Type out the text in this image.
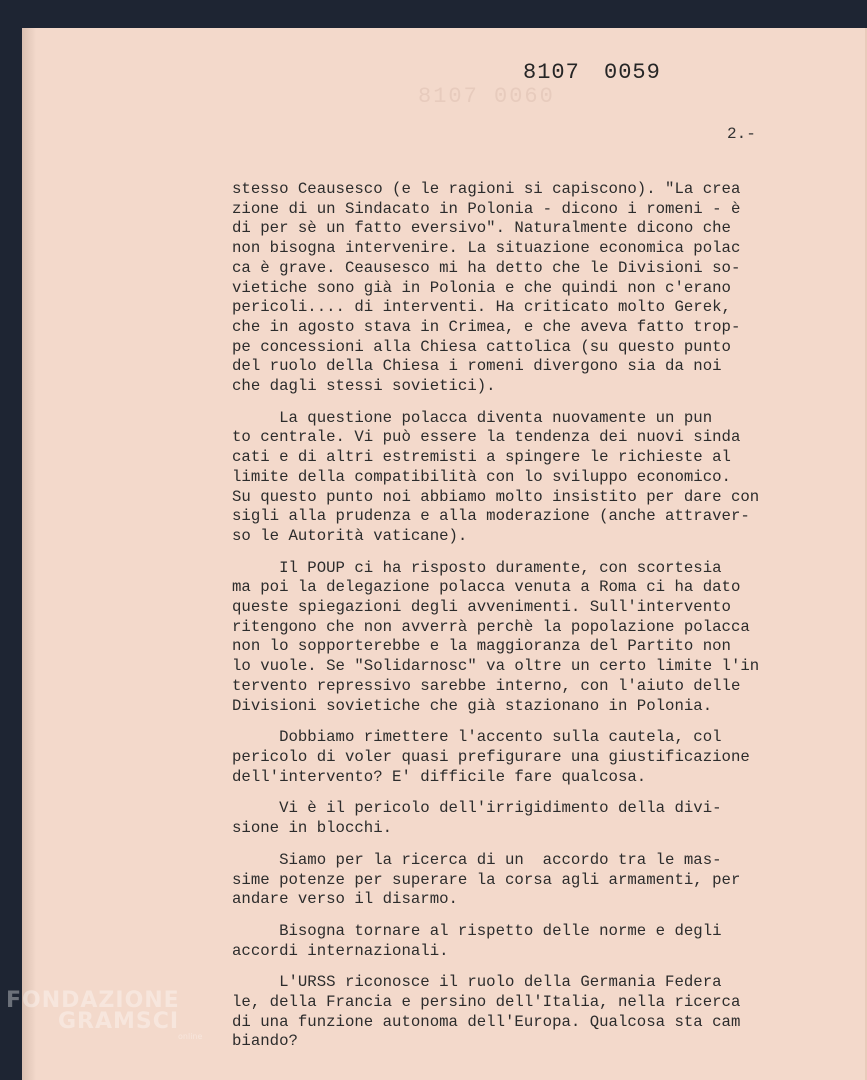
8107 0060
8107 0059
2.-
stesso Ceausesco (e le ragioni si capiscono). "La crea
zione di un Sindacato in Polonia - dicono i romeni - è
di per sè un fatto eversivo". Naturalmente dicono che
non bisogna intervenire. La situazione economica polac
ca è grave. Ceausesco mi ha detto che le Divisioni so-
vietiche sono già in Polonia e che quindi non c'erano
pericoli.... di interventi. Ha criticato molto Gerek,
che in agosto stava in Crimea, e che aveva fatto trop-
pe concessioni alla Chiesa cattolica (su questo punto
del ruolo della Chiesa i romeni divergono sia da noi
che dagli stessi sovietici).
La questione polacca diventa nuovamente un pun
to centrale. Vi può essere la tendenza dei nuovi sinda
cati e di altri estremisti a spingere le richieste al
limite della compatibilità con lo sviluppo economico.
Su questo punto noi abbiamo molto insistito per dare con
sigli alla prudenza e alla moderazione (anche attraver-
so le Autorità vaticane).
Il POUP ci ha risposto duramente, con scortesia
ma poi la delegazione polacca venuta a Roma ci ha dato
queste spiegazioni degli avvenimenti. Sull'intervento
ritengono che non avverrà perchè la popolazione polacca
non lo sopporterebbe e la maggioranza del Partito non
lo vuole. Se "Solidarnosc" va oltre un certo limite l'in
tervento repressivo sarebbe interno, con l'aiuto delle
Divisioni sovietiche che già stazionano in Polonia.
Dobbiamo rimettere l'accento sulla cautela, col
pericolo di voler quasi prefigurare una giustificazione
dell'intervento? E' difficile fare qualcosa.
Vi è il pericolo dell'irrigidimento della divi-
sione in blocchi.
Siamo per la ricerca di un  accordo tra le mas-
sime potenze per superare la corsa agli armamenti, per
andare verso il disarmo.
Bisogna tornare al rispetto delle norme e degli
accordi internazionali.
L'URSS riconosce il ruolo della Germania Federa
le, della Francia e persino dell'Italia, nella ricerca
di una funzione autonoma dell'Europa. Qualcosa sta cam
biando?
FONDAZIONE
GRAMSCI
online
